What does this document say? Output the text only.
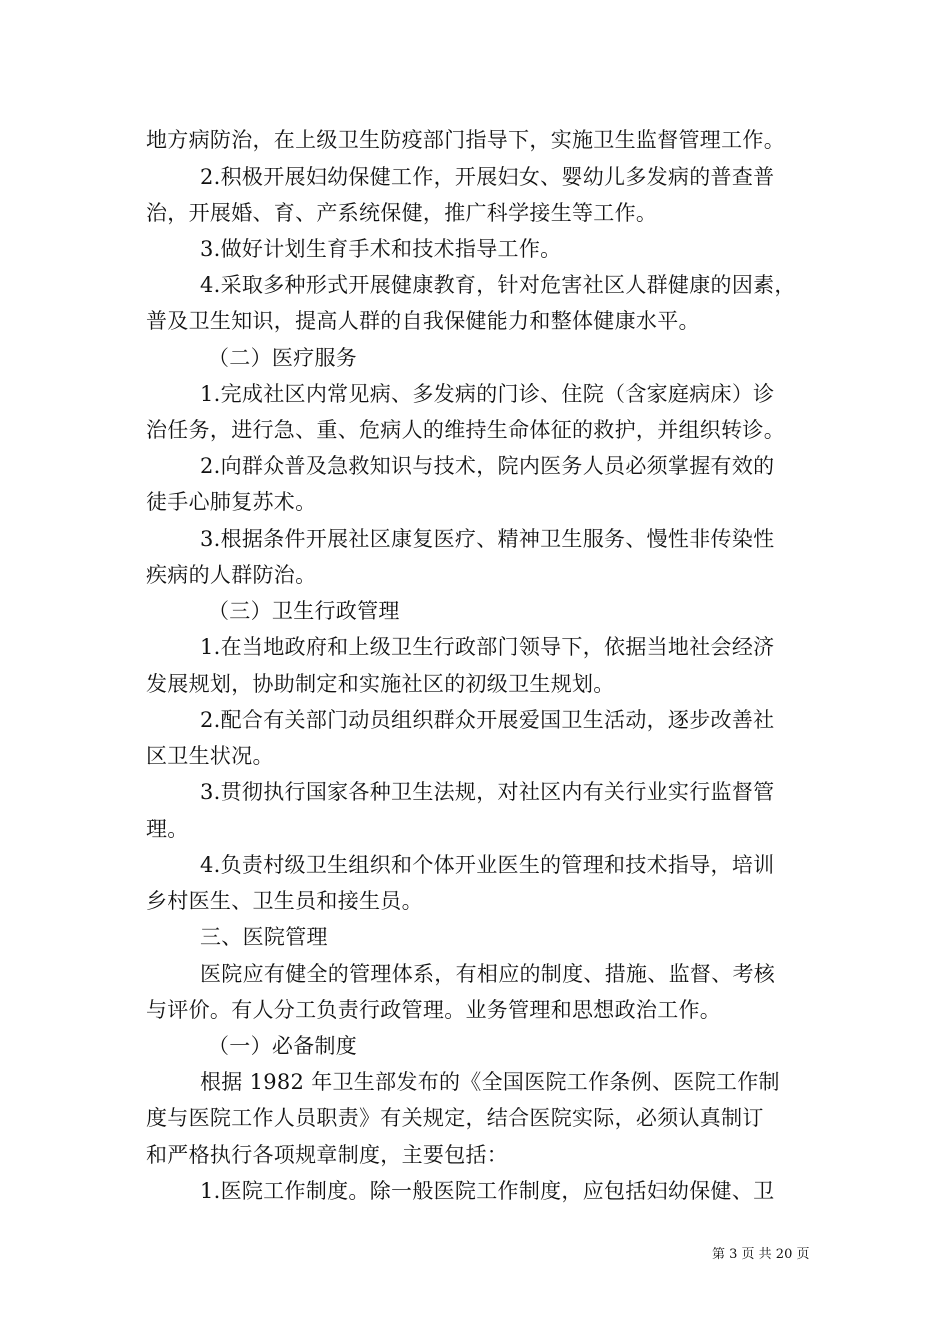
地方病防治，在上级卫生防疫部门指导下，实施卫生监督管理工作。
2.积极开展妇幼保健工作，开展妇女、婴幼儿多发病的普查普
治，开展婚、育、产系统保健，推广科学接生等工作。
3.做好计划生育手术和技术指导工作。
4.采取多种形式开展健康教育，针对危害社区人群健康的因素，
普及卫生知识，提高人群的自我保健能力和整体健康水平。
（二）医疗服务
1.完成社区内常见病、多发病的门诊、住院（含家庭病床）诊
治任务，进行急、重、危病人的维持生命体征的救护，并组织转诊。
2.向群众普及急救知识与技术，院内医务人员必须掌握有效的
徒手心肺复苏术。
3.根据条件开展社区康复医疗、精神卫生服务、慢性非传染性
疾病的人群防治。
（三）卫生行政管理
1.在当地政府和上级卫生行政部门领导下，依据当地社会经济
发展规划，协助制定和实施社区的初级卫生规划。
2.配合有关部门动员组织群众开展爱国卫生活动，逐步改善社
区卫生状况。
3.贯彻执行国家各种卫生法规，对社区内有关行业实行监督管
理。
4.负责村级卫生组织和个体开业医生的管理和技术指导，培训
乡村医生、卫生员和接生员。
三、医院管理
医院应有健全的管理体系，有相应的制度、措施、监督、考核
与评价。有人分工负责行政管理。业务管理和思想政治工作。
（一）必备制度
根据 1982 年卫生部发布的《全国医院工作条例、医院工作制
度与医院工作人员职责》有关规定，结合医院实际，必须认真制订
和严格执行各项规章制度，主要包括：
1.医院工作制度。除一般医院工作制度，应包括妇幼保健、卫
第 3 页 共 20 页
